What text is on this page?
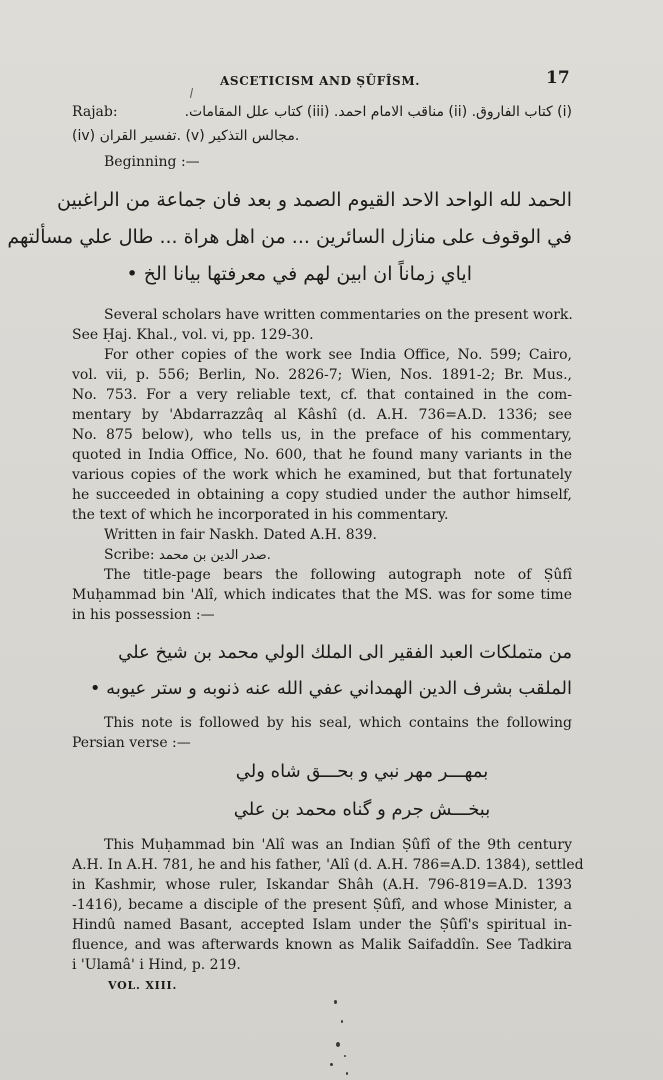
ASCETICISM AND ṢÛFÎSM.	17
Rajab:	(i) كتاب الفاروق. (ii) مناقب الامام احمد. (iii) كتاب علل المقامات.
(iv) تفسير القران. (v) مجالس التذكير.
Beginning :—
الحمد لله الواحد الاحد القيوم الصمد و بعد فان جماعة من الراغبين
في الوقوف على منازل السائرين ... من اهل هراة ... طال علي مسألتهم
اياي زماناً ان ابين لهم في معرفتها بيانا الخ •
Several scholars have written commentaries on the present work.
See Ḥaj. Khal., vol. vi, pp. 129-30.
For other copies of the work see India Office, No. 599; Cairo,
vol. vii, p. 556; Berlin, No. 2826-7; Wien, Nos. 1891-2; Br. Mus.,
No. 753. For a very reliable text, cf. that contained in the com-
mentary by 'Abdarrazzâq al Kâshî (d. A.H. 736=A.D. 1336; see
No. 875 below), who tells us, in the preface of his commentary,
quoted in India Office, No. 600, that he found many variants in the
various copies of the work which he examined, but that fortunately
he succeeded in obtaining a copy studied under the author himself,
the text of which he incorporated in his commentary.
Written in fair Naskh. Dated A.H. 839.
Scribe: صدر الدين بن محمد.
The title-page bears the following autograph note of Ṣûfî
Muḥammad bin 'Alî, which indicates that the MS. was for some time
in his possession :—
من متملكات العبد الفقير الى الملك الولي محمد بن شيخ علي
الملقب بشرف الدين الهمداني عفي الله عنه ذنوبه و ستر عيوبه •
This note is followed by his seal, which contains the following
Persian verse :—
بمهـــر مهر نبي و بحـــق شاه ولي
ببخـــش جرم و گناه محمد بن علي
This Muḥammad bin 'Alî was an Indian Ṣûfî of the 9th century
A.H. In A.H. 781, he and his father, 'Alî (d. A.H. 786=A.D. 1384), settled
in Kashmir, whose ruler, Iskandar Shâh (A.H. 796-819=A.D. 1393
-1416), became a disciple of the present Ṣûfî, and whose Minister, a
Hindû named Basant, accepted Islam under the Ṣûfî's spiritual in-
fluence, and was afterwards known as Malik Saifaddîn. See Tadkira
i 'Ulamâ' i Hind, p. 219.
VOL. XIII.
